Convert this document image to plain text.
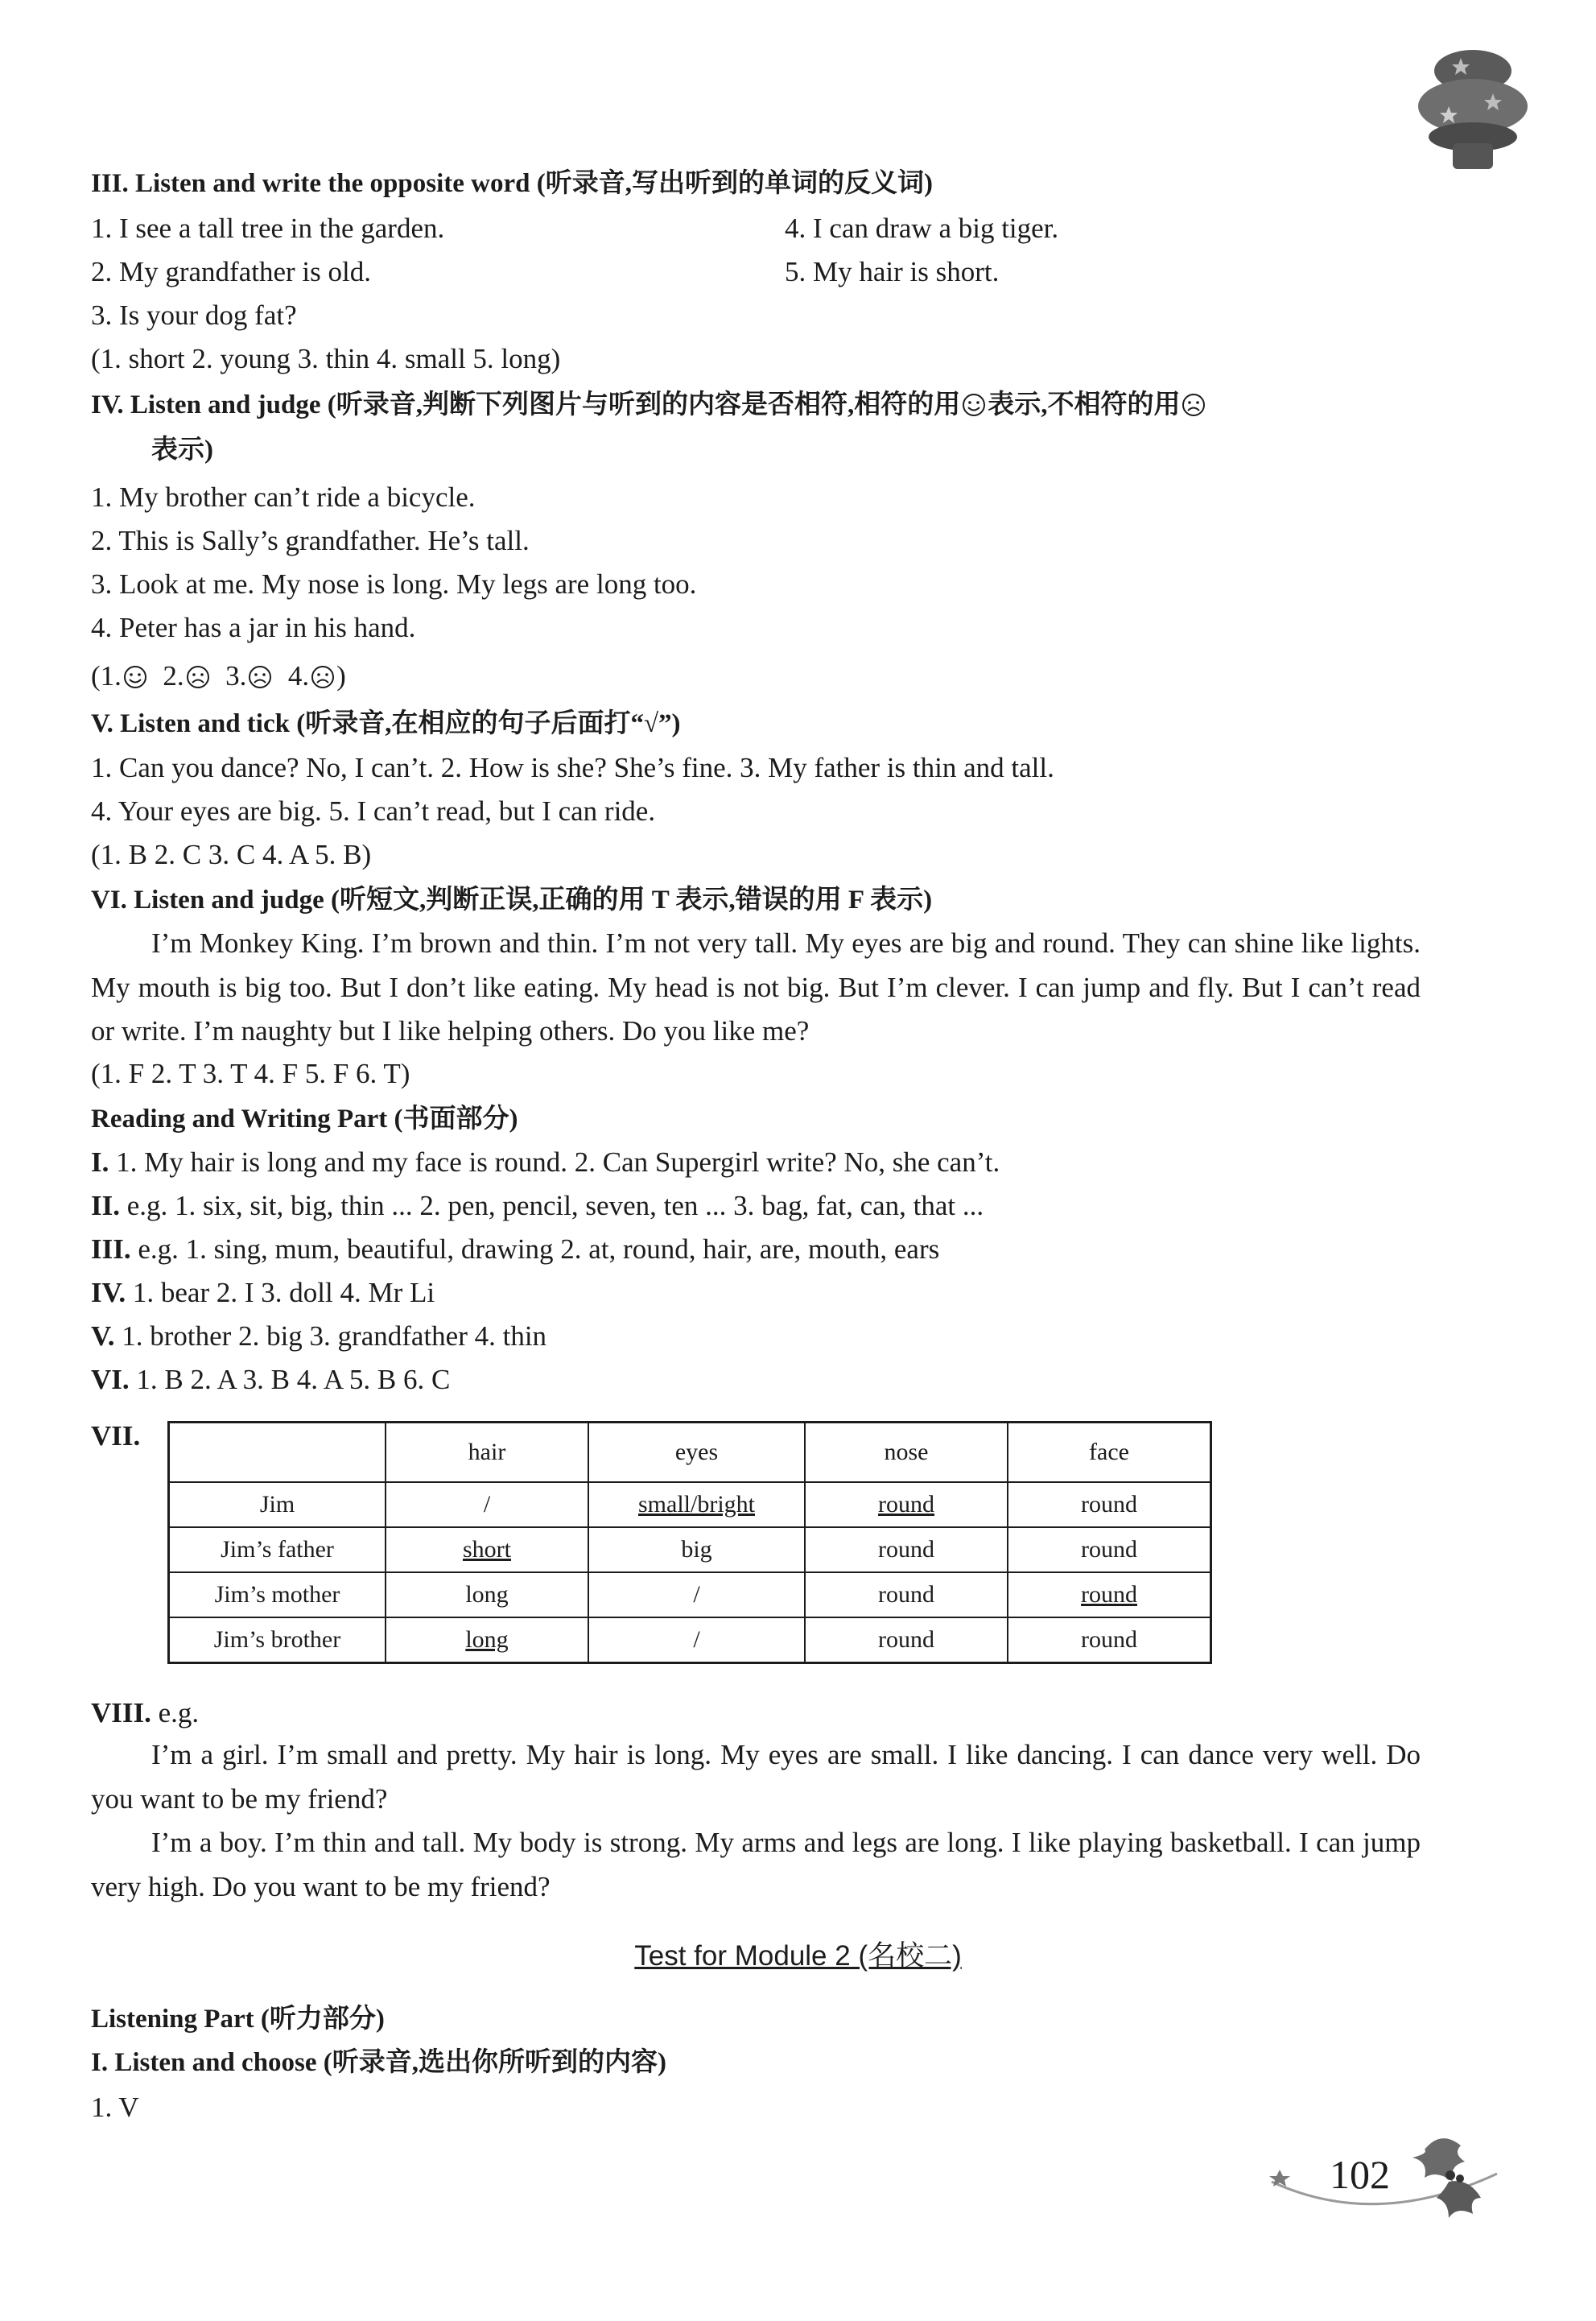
III. Listen and write the opposite word (听录音,写出听到的单词的反义词)
1. I see a tall tree in the garden.	4. I can draw a big tiger.
2. My grandfather is old.	5. My hair is short.
3. Is your dog fat?
(1. short 2. young 3. thin 4. small 5. long)
IV. Listen and judge (听录音,判断下列图片与听到的内容是否相符,相符的用 表示,不相符的用
表示)
1. My brother can’t ride a bicycle.
2. This is Sally’s grandfather. He’s tall.
3. Look at me. My nose is long. My legs are long too.
4. Peter has a jar in his hand.
(1. 2. 3. 4. )
V. Listen and tick (听录音,在相应的句子后面打“√”)
1. Can you dance? No, I can’t. 2. How is she? She’s fine. 3. My father is thin and tall.
4. Your eyes are big. 5. I can’t read, but I can ride.
(1. B 2. C 3. C 4. A 5. B)
VI. Listen and judge (听短文,判断正误,正确的用 T 表示,错误的用 F 表示)
I’m Monkey King. I’m brown and thin. I’m not very tall. My eyes are big and round. They can shine like lights. My mouth is big too. But I don’t like eating. My head is not big. But I’m clever. I can jump and fly. But I can’t read or write. I’m naughty but I like helping others. Do you like me?
(1. F 2. T 3. T 4. F 5. F 6. T)
Reading and Writing Part (书面部分)
I. 1. My hair is long and my face is round. 2. Can Supergirl write? No, she can’t.
II. e.g. 1. six, sit, big, thin ... 2. pen, pencil, seven, ten ... 3. bag, fat, can, that ...
III. e.g. 1. sing, mum, beautiful, drawing 2. at, round, hair, are, mouth, ears
IV. 1. bear 2. I 3. doll 4. Mr Li
V. 1. brother 2. big 3. grandfather 4. thin
VI. 1. B 2. A 3. B 4. A 5. B 6. C
VII.
	hair	eyes	nose	face
Jim	/	small/bright	round	round
Jim’s father	short	big	round	round
Jim’s mother	long	/	round	round
Jim’s brother	long	/	round	round
VIII. e.g.
I’m a girl. I’m small and pretty. My hair is long. My eyes are small. I like dancing. I can dance very well. Do you want to be my friend?
I’m a boy. I’m thin and tall. My body is strong. My arms and legs are long. I like playing basketball. I can jump very high. Do you want to be my friend?
Test for Module 2 (名校二)
Listening Part (听力部分)
I. Listen and choose (听录音,选出你所听到的内容)
1. V
102
